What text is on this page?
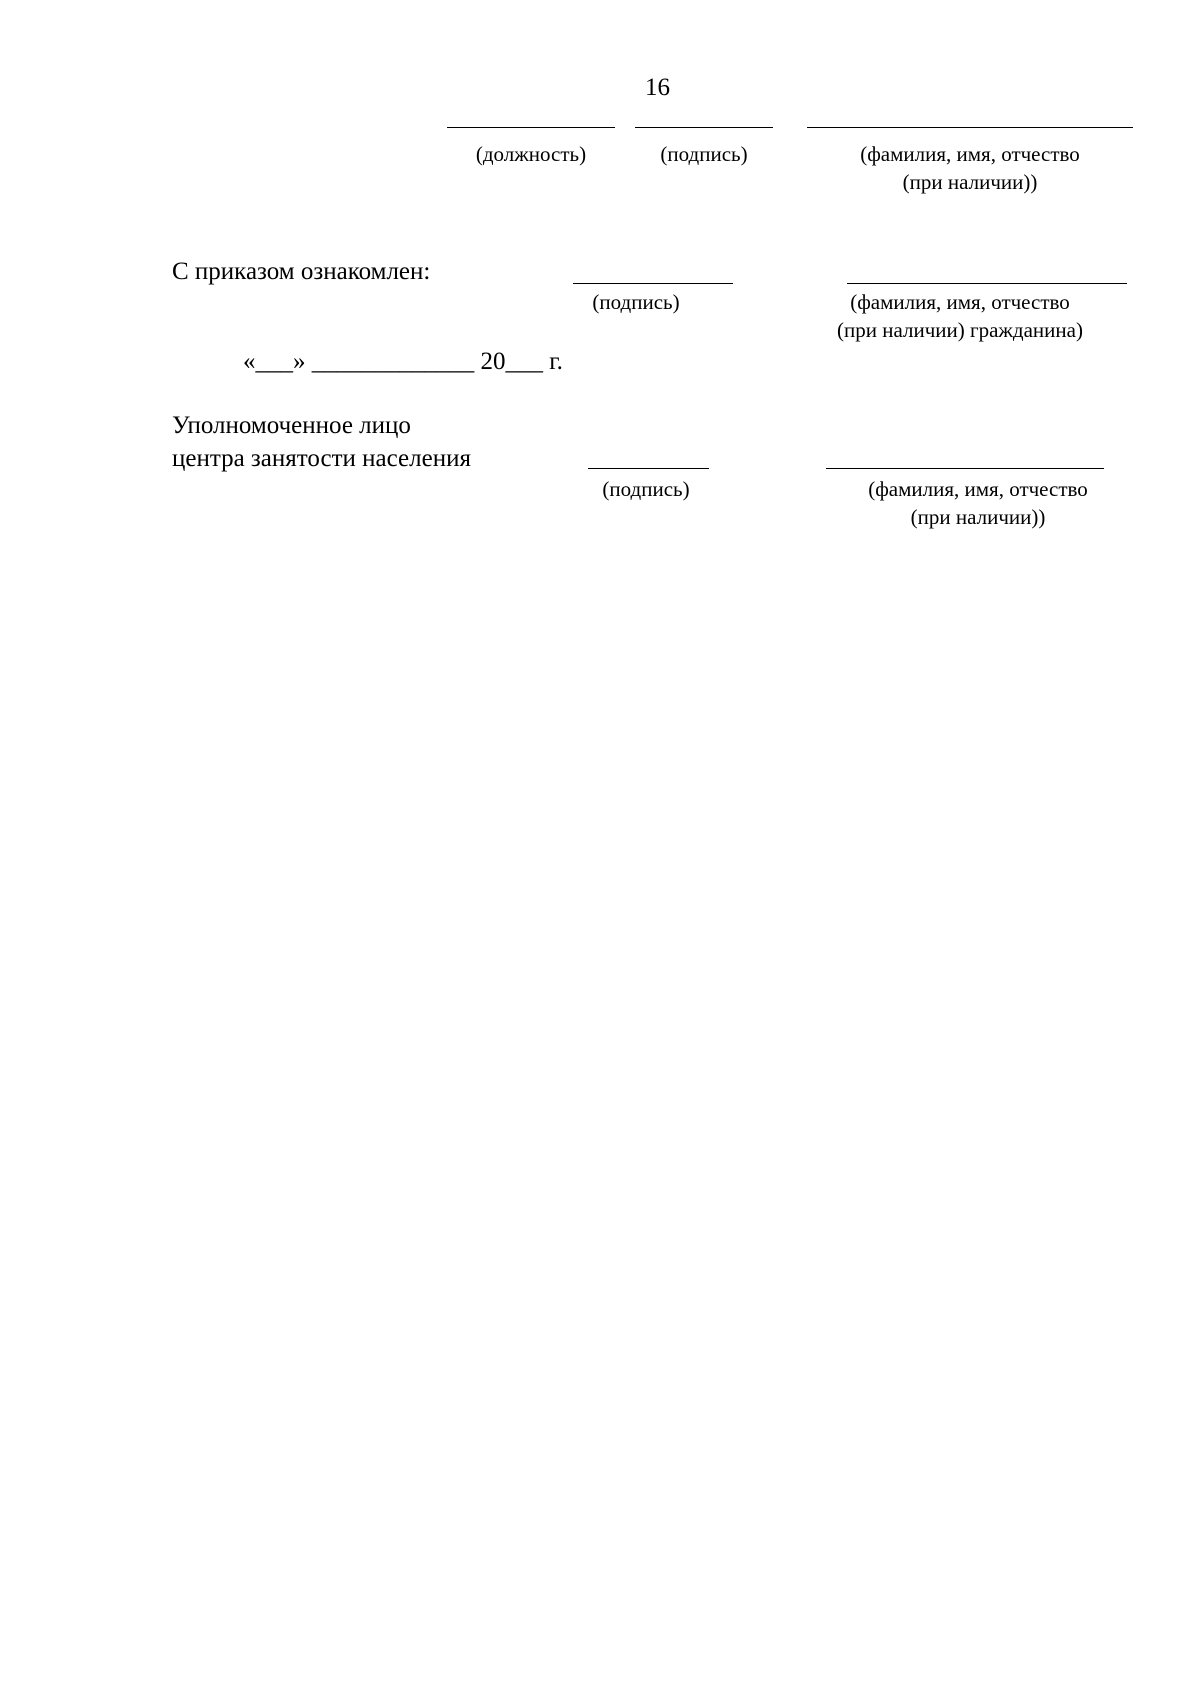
16
(должность)	(подпись)	(фамилия, имя, отчество
(при наличии))
С приказом ознакомлен:
(подпись)	(фамилия, имя, отчество
(при наличии) гражданина)
«___» _____________ 20___ г.
Уполномоченное лицо
центра занятости населения
(подпись)	(фамилия, имя, отчество
(при наличии))
